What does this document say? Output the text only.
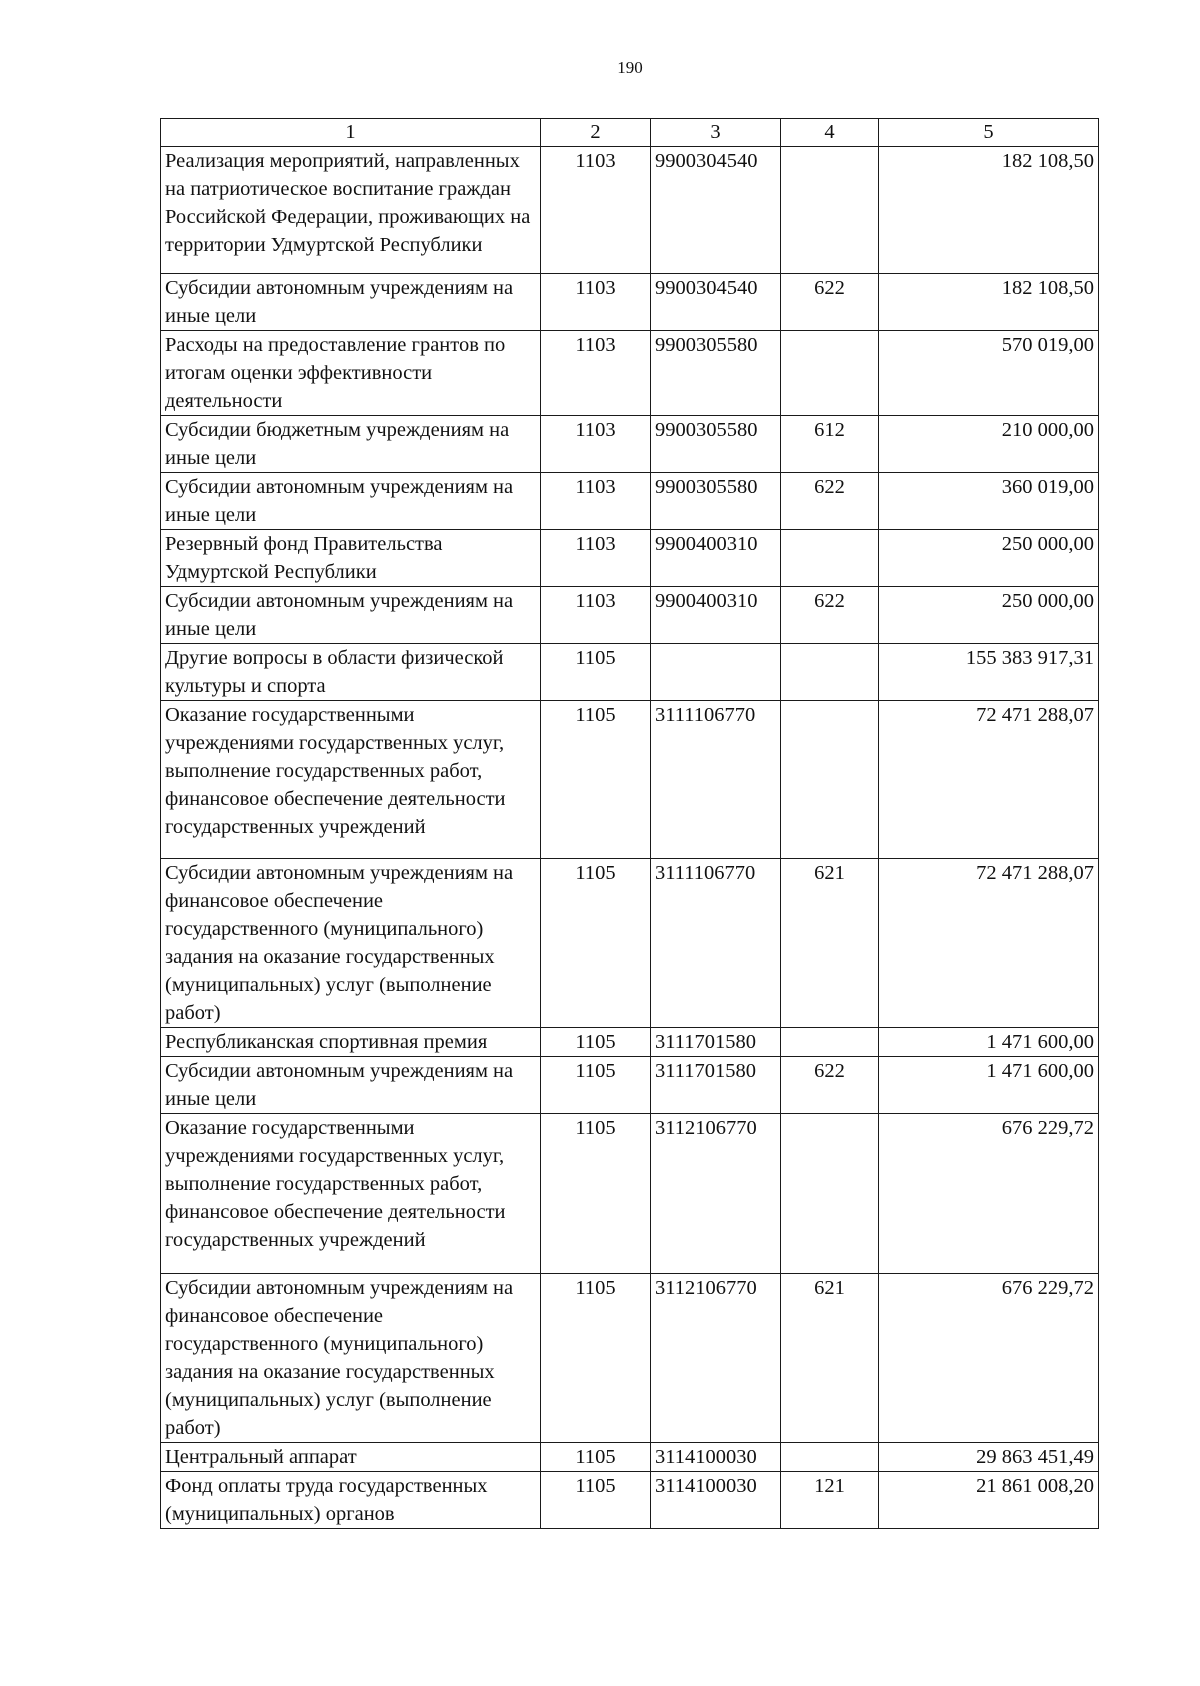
190
1	2	3	4	5
Реализация мероприятий, направленных на патриотическое воспитание граждан Российской Федерации, проживающих на территории Удмуртской Республики	1103	9900304540		182 108,50
Субсидии автономным учреждениям на иные цели	1103	9900304540	622	182 108,50
Расходы на предоставление грантов по итогам оценки эффективности деятельности	1103	9900305580		570 019,00
Субсидии бюджетным учреждениям на иные цели	1103	9900305580	612	210 000,00
Субсидии автономным учреждениям на иные цели	1103	9900305580	622	360 019,00
Резервный фонд Правительства Удмуртской Республики	1103	9900400310		250 000,00
Субсидии автономным учреждениям на иные цели	1103	9900400310	622	250 000,00
Другие вопросы в области физической культуры и спорта	1105			155 383 917,31
Оказание государственными учреждениями государственных услуг, выполнение государственных работ, финансовое обеспечение деятельности государственных учреждений	1105	3111106770		72 471 288,07
Субсидии автономным учреждениям на финансовое обеспечение государственного (муниципального) задания на оказание государственных (муниципальных) услуг (выполнение работ)	1105	3111106770	621	72 471 288,07
Республиканская спортивная премия	1105	3111701580		1 471 600,00
Субсидии автономным учреждениям на иные цели	1105	3111701580	622	1 471 600,00
Оказание государственными учреждениями государственных услуг, выполнение государственных работ, финансовое обеспечение деятельности государственных учреждений	1105	3112106770		676 229,72
Субсидии автономным учреждениям на финансовое обеспечение государственного (муниципального) задания на оказание государственных (муниципальных) услуг (выполнение работ)	1105	3112106770	621	676 229,72
Центральный аппарат	1105	3114100030		29 863 451,49
Фонд оплаты труда государственных (муниципальных) органов	1105	3114100030	121	21 861 008,20
